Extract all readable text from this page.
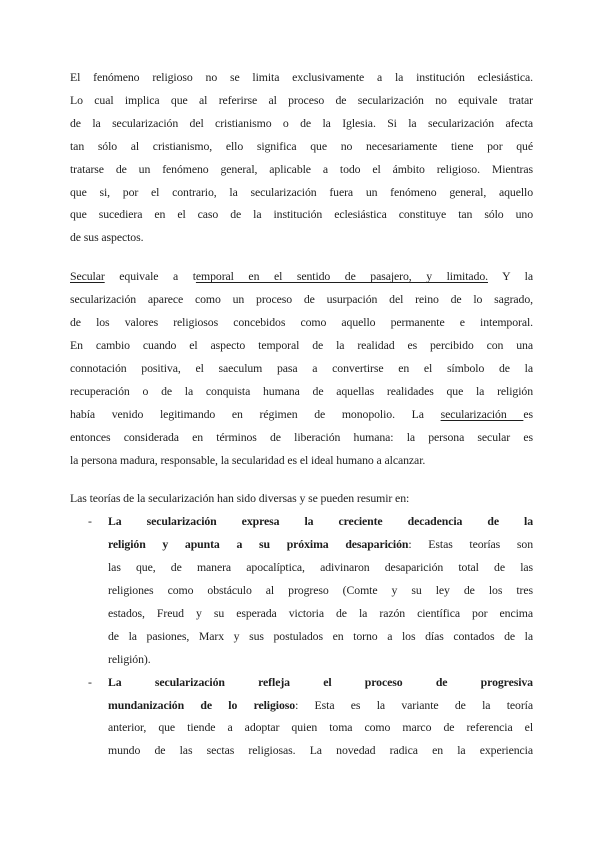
El fenómeno religioso no se limita exclusivamente a la institución eclesiástica.
Lo cual implica que al referirse al proceso de secularización no equivale tratar
de la secularización del cristianismo o de la Iglesia. Si la secularización afecta
tan sólo al cristianismo, ello significa que no necesariamente tiene por qué
tratarse de un fenómeno general, aplicable a todo el ámbito religioso. Mientras
que si, por el contrario, la secularización fuera un fenómeno general, aquello
que sucediera en el caso de la institución eclesiástica constituye tan sólo uno
de sus aspectos.
Secular equivale a temporal en el sentido de pasajero, y limitado. Y la
secularización aparece como un proceso de usurpación del reino de lo sagrado,
de los valores religiosos concebidos como aquello permanente e intemporal.
En cambio cuando el aspecto temporal de la realidad es percibido con una
connotación positiva, el saeculum pasa a convertirse en el símbolo de la
recuperación o de la conquista humana de aquellas realidades que la religión
había venido legitimando en régimen de monopolio. La secularización es
entonces considerada en términos de liberación humana: la persona secular es
la persona madura, responsable, la secularidad es el ideal humano a alcanzar.
Las teorías de la secularización han sido diversas y se pueden resumir en:
- La secularización expresa la creciente decadencia de la
religión y apunta a su próxima desaparición: Estas teorías son
las que, de manera apocalíptica, adivinaron desaparición total de las
religiones como obstáculo al progreso (Comte y su ley de los tres
estados, Freud y su esperada victoria de la razón científica por encima
de la pasiones, Marx y sus postulados en torno a los días contados de la
religión).
- La secularización refleja el proceso de progresiva
mundanización de lo religioso: Esta es la variante de la teoría
anterior, que tiende a adoptar quien toma como marco de referencia el
mundo de las sectas religiosas. La novedad radica en la experiencia
